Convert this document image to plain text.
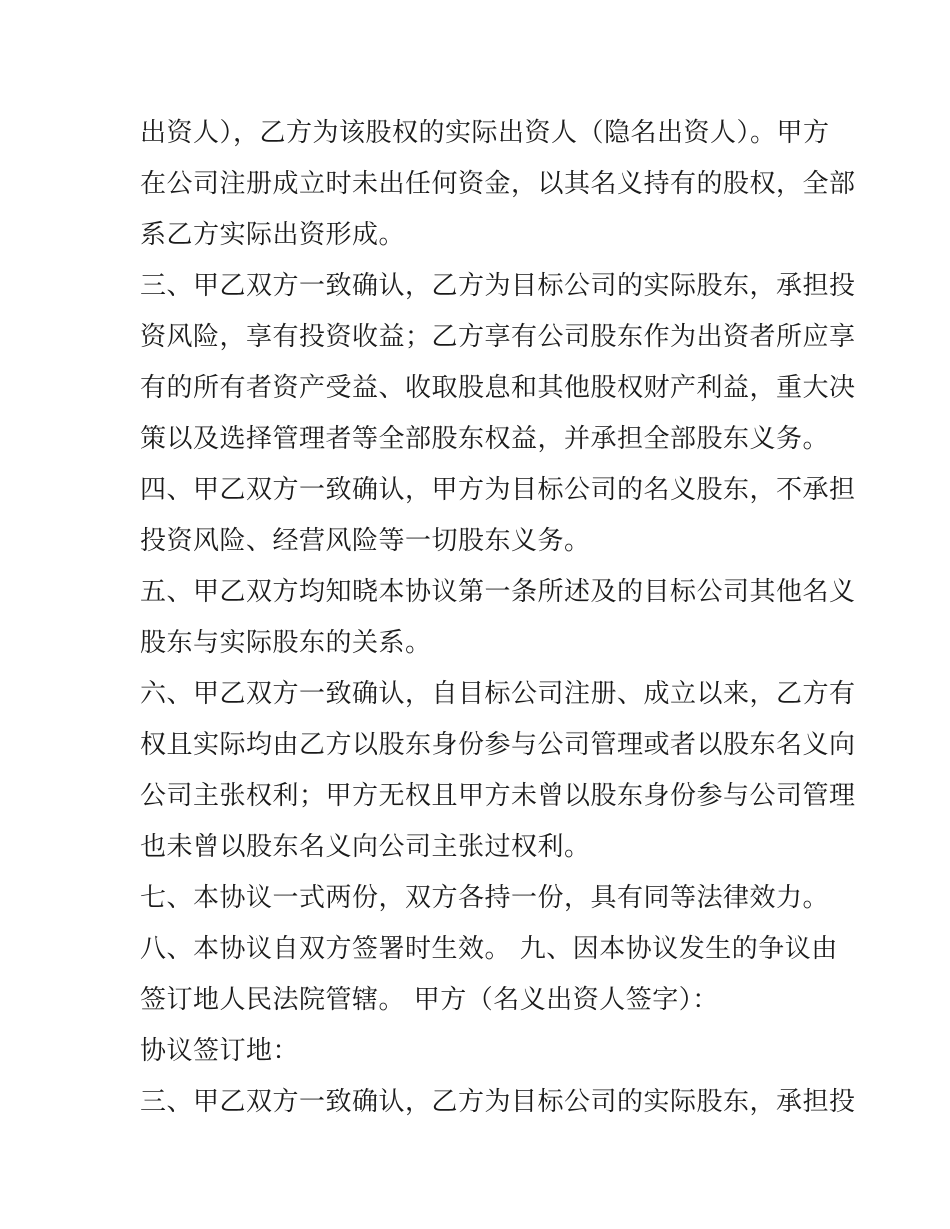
出资人），乙方为该股权的实际出资人（隐名出资人）。甲方
在公司注册成立时未出任何资金，以其名义持有的股权，全部
系乙方实际出资形成。
三、甲乙双方一致确认，乙方为目标公司的实际股东，承担投
资风险，享有投资收益；乙方享有公司股东作为出资者所应享
有的所有者资产受益、收取股息和其他股权财产利益，重大决
策以及选择管理者等全部股东权益，并承担全部股东义务。
四、甲乙双方一致确认，甲方为目标公司的名义股东，不承担
投资风险、经营风险等一切股东义务。
五、甲乙双方均知晓本协议第一条所述及的目标公司其他名义
股东与实际股东的关系。
六、甲乙双方一致确认，自目标公司注册、成立以来，乙方有
权且实际均由乙方以股东身份参与公司管理或者以股东名义向
公司主张权利；甲方无权且甲方未曾以股东身份参与公司管理
也未曾以股东名义向公司主张过权利。
七、本协议一式两份，双方各持一份，具有同等法律效力。
八、本协议自双方签署时生效。 九、因本协议发生的争议由
签订地人民法院管辖。 甲方（名义出资人签字）：
协议签订地：
三、甲乙双方一致确认，乙方为目标公司的实际股东，承担投
